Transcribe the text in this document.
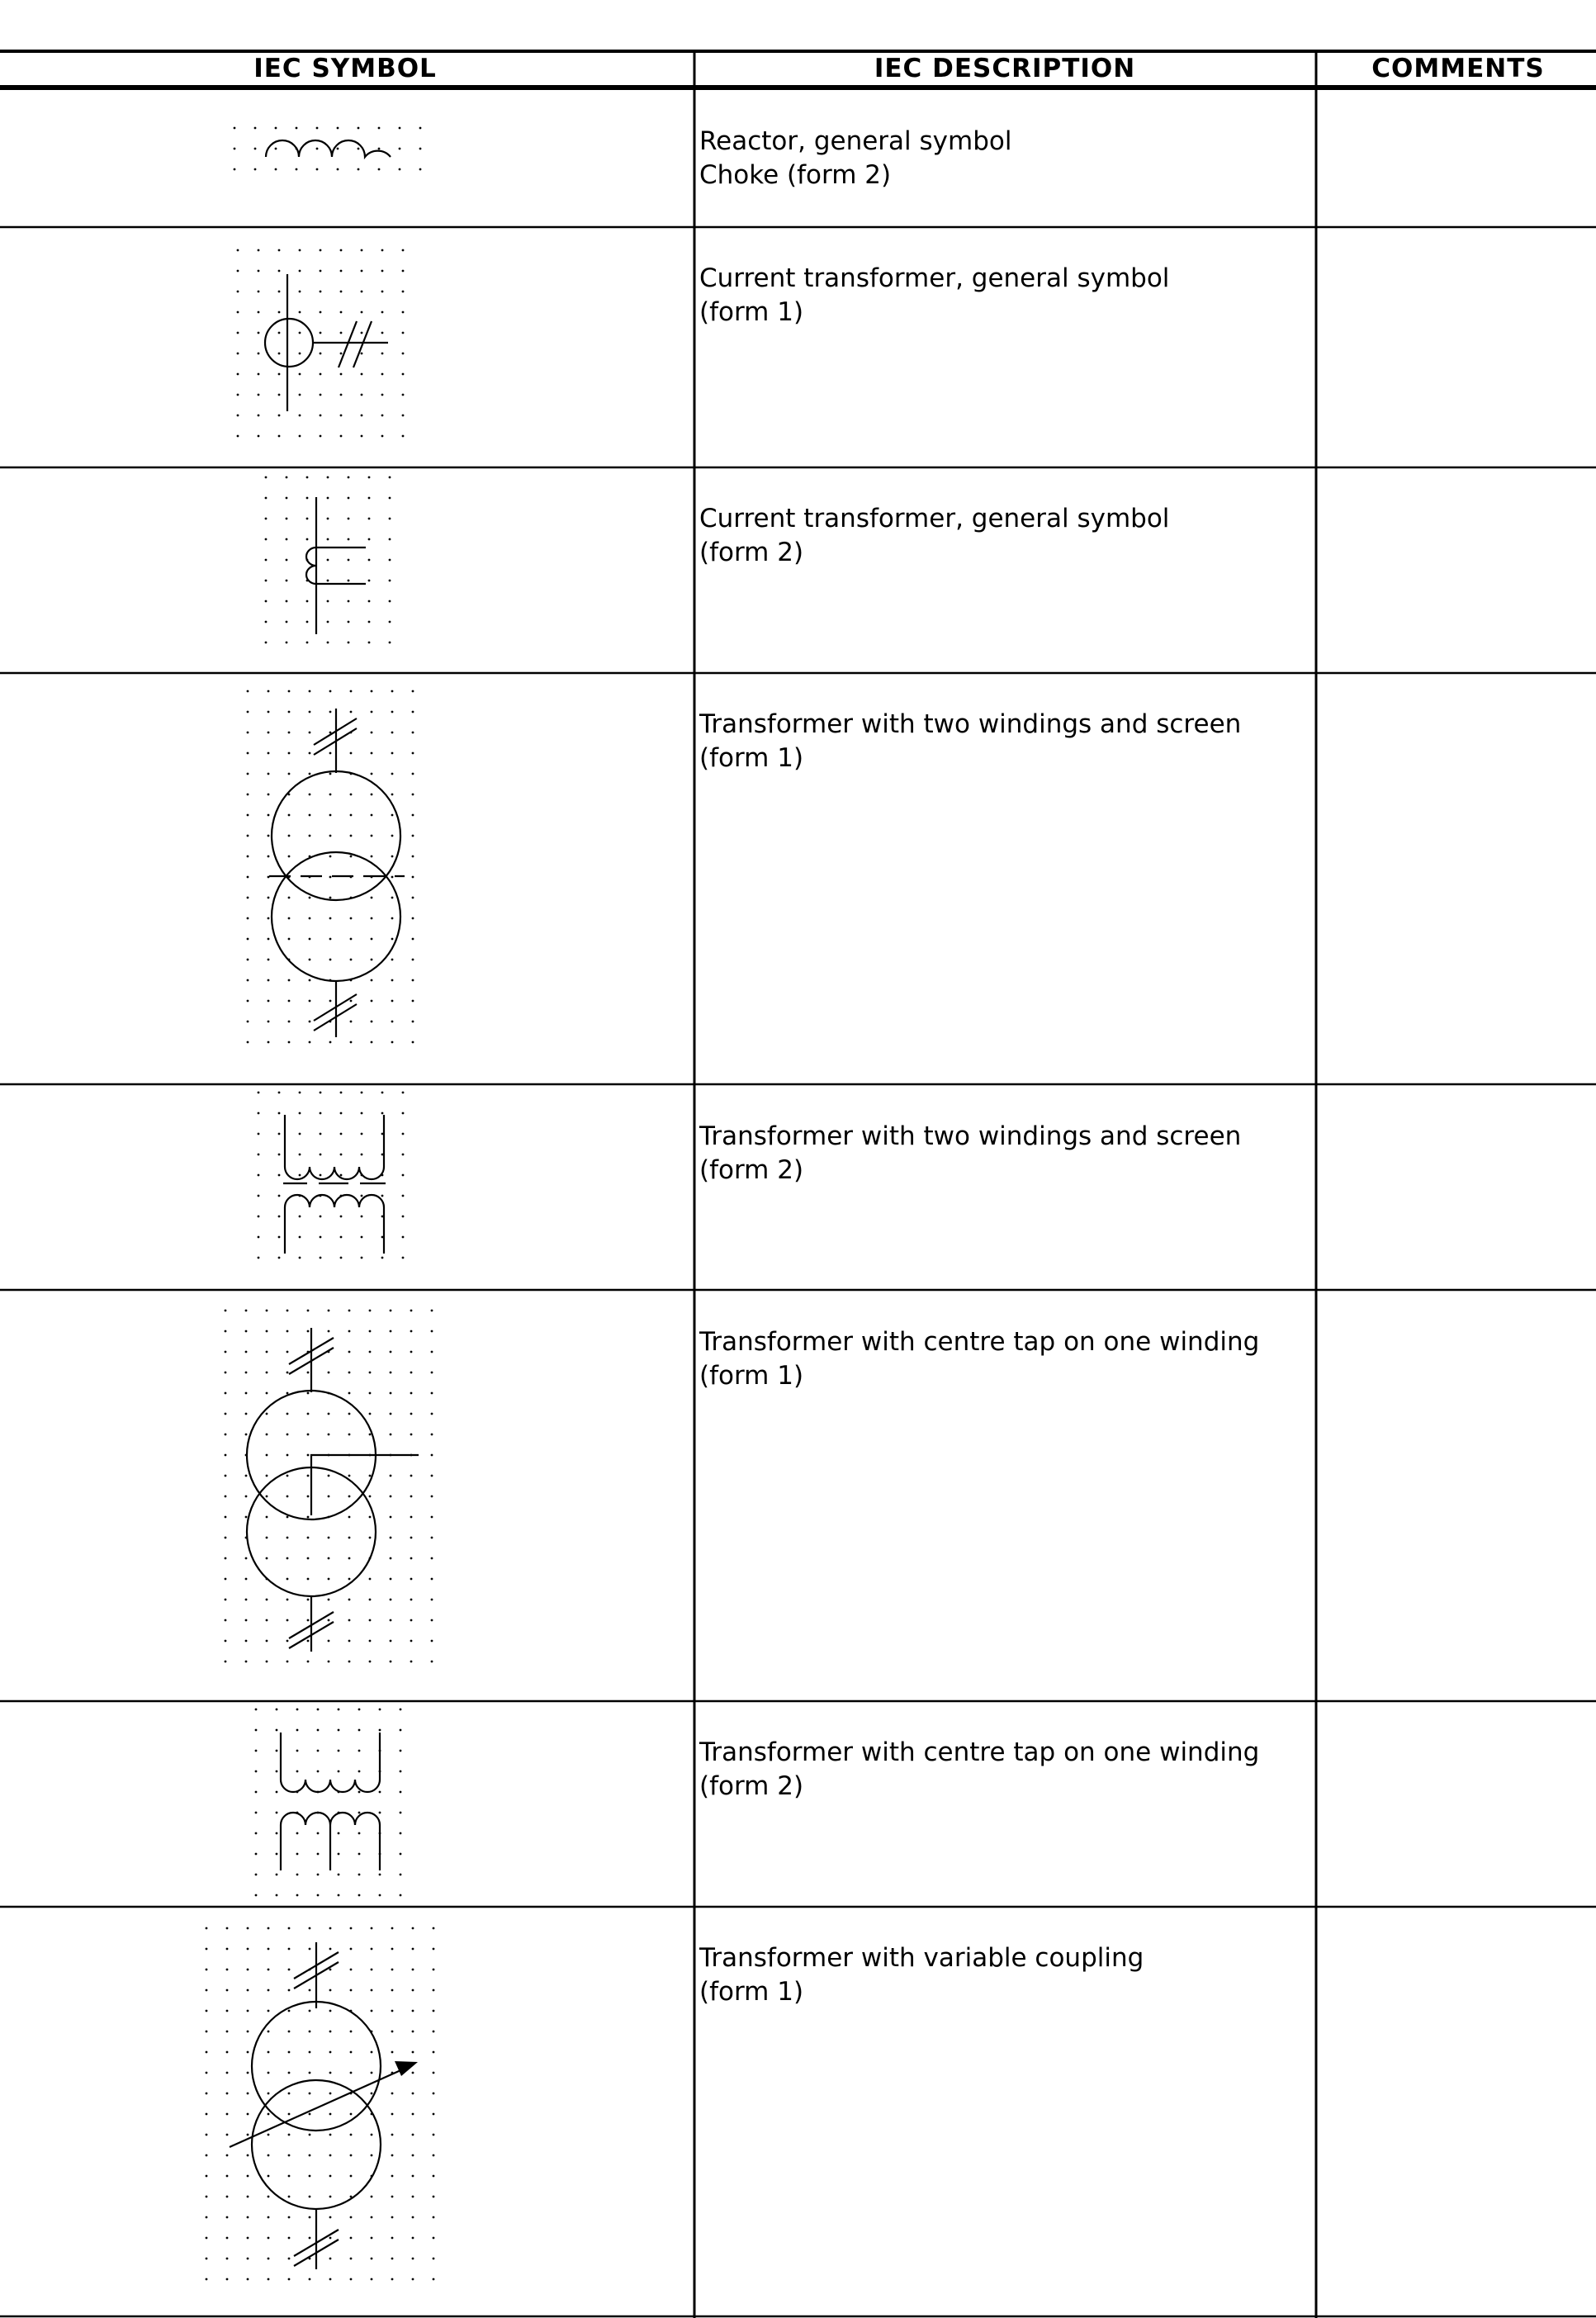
IEC SYMBOL	IEC DESCRIPTION	COMMENTS
Reactor, general symbol
Choke (form 2)
Current transformer, general symbol
(form 1)
Current transformer, general symbol
(form 2)
Transformer with two windings and screen
(form 1)
Transformer with two windings and screen
(form 2)
Transformer with centre tap on one winding
(form 1)
Transformer with centre tap on one winding
(form 2)
Transformer with variable coupling
(form 1)
